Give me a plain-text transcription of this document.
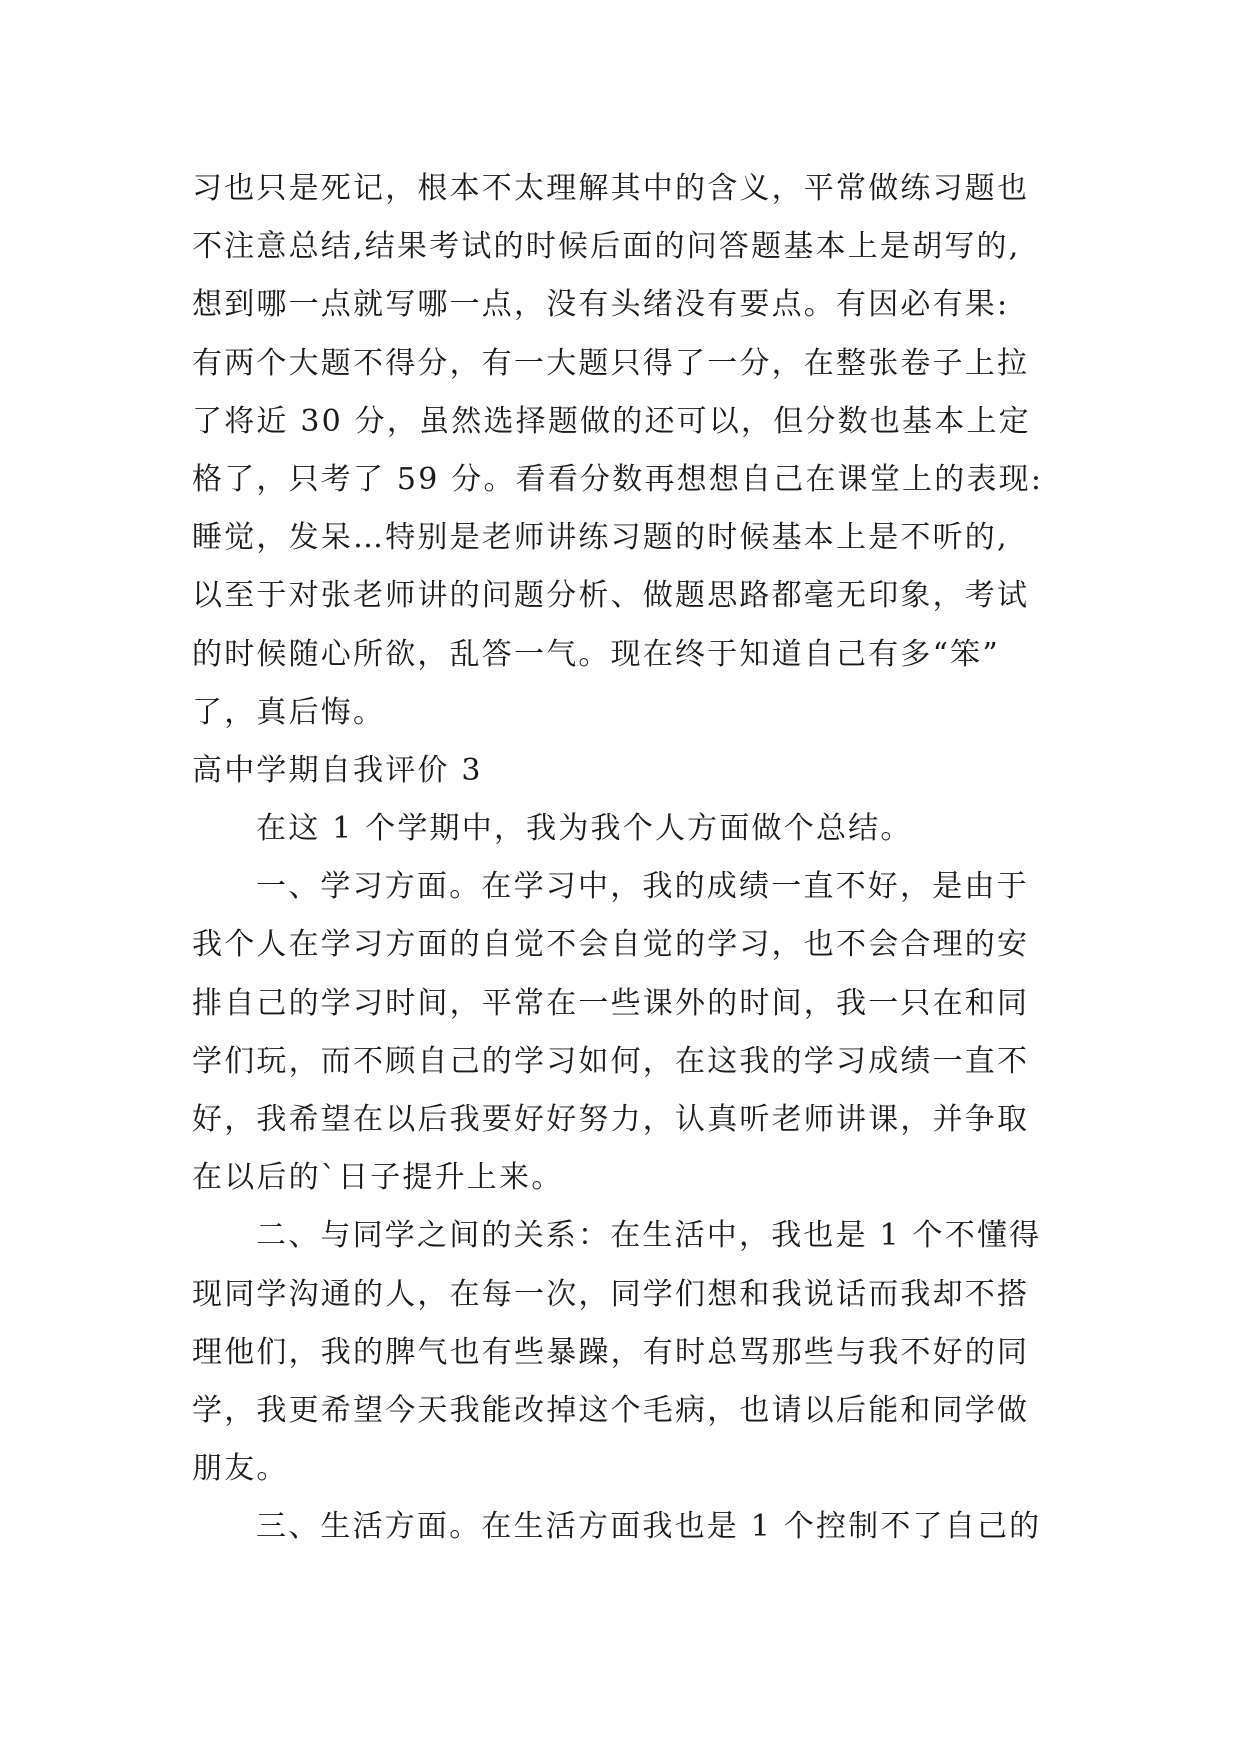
习也只是死记，根本不太理解其中的含义，平常做练习题也
不注意总结,结果考试的时候后面的问答题基本上是胡写的,
想到哪一点就写哪一点，没有头绪没有要点。有因必有果:
有两个大题不得分，有一大题只得了一分，在整张卷子上拉
了将近 30 分，虽然选择题做的还可以，但分数也基本上定
格了，只考了 59 分。看看分数再想想自己在课堂上的表现:
睡觉，发呆…特别是老师讲练习题的时候基本上是不听的,
以至于对张老师讲的问题分析、做题思路都毫无印象，考试
的时候随心所欲，乱答一气。现在终于知道自己有多“笨”
了，真后悔。
高中学期自我评价 3
在这 1 个学期中，我为我个人方面做个总结。
一、学习方面。在学习中，我的成绩一直不好，是由于
我个人在学习方面的自觉不会自觉的学习，也不会合理的安
排自己的学习时间，平常在一些课外的时间，我一只在和同
学们玩，而不顾自己的学习如何，在这我的学习成绩一直不
好，我希望在以后我要好好努力，认真听老师讲课，并争取
在以后的`日子提升上来。
二、与同学之间的关系：在生活中，我也是 1 个不懂得
现同学沟通的人，在每一次，同学们想和我说话而我却不搭
理他们，我的脾气也有些暴躁，有时总骂那些与我不好的同
学，我更希望今天我能改掉这个毛病，也请以后能和同学做
朋友。
三、生活方面。在生活方面我也是 1 个控制不了自己的
